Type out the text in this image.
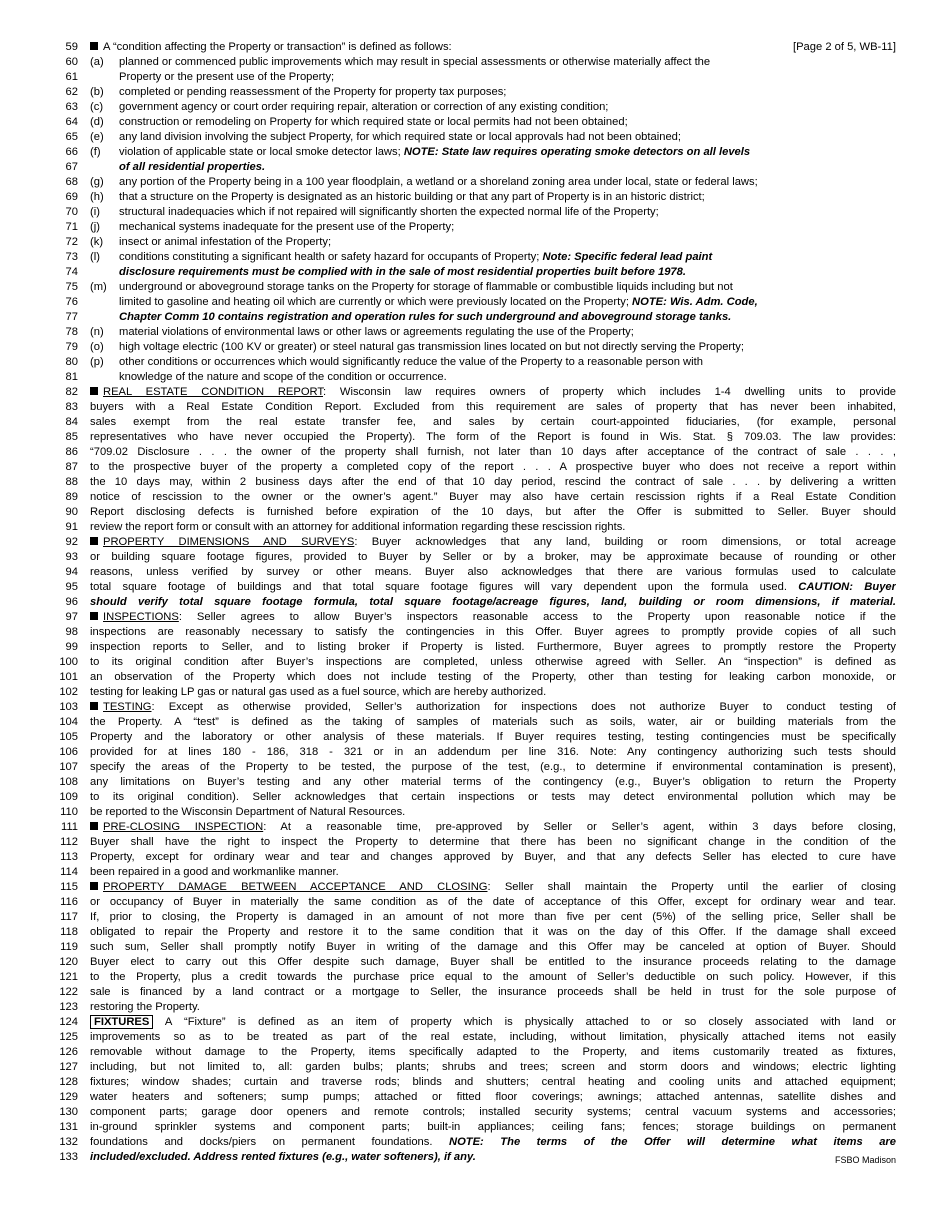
59	[Page 2 of 5, WB-11]
A “condition affecting the Property or transaction” is defined as follows:
60	(a) planned or commenced public improvements which may result in special assessments or otherwise materially affect the
61	Property or the present use of the Property;
62	(b) completed or pending reassessment of the Property for property tax purposes;
63	(c) government agency or court order requiring repair, alteration or correction of any existing condition;
64	(d) construction or remodeling on Property for which required state or local permits had not been obtained;
65	(e) any land division involving the subject Property, for which required state or local approvals had not been obtained;
66	(f) violation of applicable state or local smoke detector laws; NOTE: State law requires operating smoke detectors on all levels
67	of all residential properties.
68	(g) any portion of the Property being in a 100 year floodplain, a wetland or a shoreland zoning area under local, state or federal laws;
69	(h) that a structure on the Property is designated as an historic building or that any part of Property is in an historic district;
70	(i) structural inadequacies which if not repaired will significantly shorten the expected normal life of the Property;
71	(j) mechanical systems inadequate for the present use of the Property;
72	(k) insect or animal infestation of the Property;
73	(l) conditions constituting a significant health or safety hazard for occupants of Property; Note: Specific federal lead paint
74	disclosure requirements must be complied with in the sale of most residential properties built before 1978.
75	(m) underground or aboveground storage tanks on the Property for storage of flammable or combustible liquids including but not
76	limited to gasoline and heating oil which are currently or which were previously located on the Property; NOTE: Wis. Adm. Code,
77	Chapter Comm 10 contains registration and operation rules for such underground and aboveground storage tanks.
78	(n) material violations of environmental laws or other laws or agreements regulating the use of the Property;
79	(o) high voltage electric (100 KV or greater) or steel natural gas transmission lines located on but not directly serving the Property;
80	(p) other conditions or occurrences which would significantly reduce the value of the Property to a reasonable person with
81	knowledge of the nature and scope of the condition or occurrence.
82	REAL ESTATE CONDITION REPORT: Wisconsin law requires owners of property which includes 1-4 dwelling units to provide
83	buyers with a Real Estate Condition Report. Excluded from this requirement are sales of property that has never been inhabited,
84	sales exempt from the real estate transfer fee, and sales by certain court-appointed fiduciaries, (for example, personal
85	representatives who have never occupied the Property). The form of the Report is found in Wis. Stat. § 709.03. The law provides:
86	“709.02 Disclosure . . . the owner of the property shall furnish, not later than 10 days after acceptance of the contract of sale . . . ,
87	to the prospective buyer of the property a completed copy of the report . . . A prospective buyer who does not receive a report within
88	the 10 days may, within 2 business days after the end of that 10 day period, rescind the contract of sale . . . by delivering a written
89	notice of rescission to the owner or the owner’s agent.” Buyer may also have certain rescission rights if a Real Estate Condition
90	Report disclosing defects is furnished before expiration of the 10 days, but after the Offer is submitted to Seller. Buyer should
91	review the report form or consult with an attorney for additional information regarding these rescission rights.
92	PROPERTY DIMENSIONS AND SURVEYS: Buyer acknowledges that any land, building or room dimensions, or total acreage
93	or building square footage figures, provided to Buyer by Seller or by a broker, may be approximate because of rounding or other
94	reasons, unless verified by survey or other means. Buyer also acknowledges that there are various formulas used to calculate
95	total square footage of buildings and that total square footage figures will vary dependent upon the formula used. CAUTION: Buyer
96	should verify total square footage formula, total square footage/acreage figures, land, building or room dimensions, if material.
97	INSPECTIONS: Seller agrees to allow Buyer’s inspectors reasonable access to the Property upon reasonable notice if the
98	inspections are reasonably necessary to satisfy the contingencies in this Offer. Buyer agrees to promptly provide copies of all such
99	inspection reports to Seller, and to listing broker if Property is listed. Furthermore, Buyer agrees to promptly restore the Property
100	to its original condition after Buyer’s inspections are completed, unless otherwise agreed with Seller. An “inspection” is defined as
101	an observation of the Property which does not include testing of the Property, other than testing for leaking carbon monoxide, or
102	testing for leaking LP gas or natural gas used as a fuel source, which are hereby authorized.
103	TESTING: Except as otherwise provided, Seller’s authorization for inspections does not authorize Buyer to conduct testing of
104	the Property. A “test” is defined as the taking of samples of materials such as soils, water, air or building materials from the
105	Property and the laboratory or other analysis of these materials. If Buyer requires testing, testing contingencies must be specifically
106	provided for at lines 180 - 186, 318 - 321 or in an addendum per line 316. Note: Any contingency authorizing such tests should
107	specify the areas of the Property to be tested, the purpose of the test, (e.g., to determine if environmental contamination is present),
108	any limitations on Buyer’s testing and any other material terms of the contingency (e.g., Buyer’s obligation to return the Property
109	to its original condition). Seller acknowledges that certain inspections or tests may detect environmental pollution which may be
110	be reported to the Wisconsin Department of Natural Resources.
111	PRE-CLOSING INSPECTION: At a reasonable time, pre-approved by Seller or Seller’s agent, within 3 days before closing,
112	Buyer shall have the right to inspect the Property to determine that there has been no significant change in the condition of the
113	Property, except for ordinary wear and tear and changes approved by Buyer, and that any defects Seller has elected to cure have
114	been repaired in a good and workmanlike manner.
115	PROPERTY DAMAGE BETWEEN ACCEPTANCE AND CLOSING: Seller shall maintain the Property until the earlier of closing
116	or occupancy of Buyer in materially the same condition as of the date of acceptance of this Offer, except for ordinary wear and tear.
117	If, prior to closing, the Property is damaged in an amount of not more than five per cent (5%) of the selling price, Seller shall be
118	obligated to repair the Property and restore it to the same condition that it was on the day of this Offer. If the damage shall exceed
119	such sum, Seller shall promptly notify Buyer in writing of the damage and this Offer may be canceled at option of Buyer. Should
120	Buyer elect to carry out this Offer despite such damage, Buyer shall be entitled to the insurance proceeds relating to the damage
121	to the Property, plus a credit towards the purchase price equal to the amount of Seller’s deductible on such policy. However, if this
122	sale is financed by a land contract or a mortgage to Seller, the insurance proceeds shall be held in trust for the sole purpose of
123	restoring the Property.
124	FIXTURES A “Fixture” is defined as an item of property which is physically attached to or so closely associated with land or
125	improvements so as to be treated as part of the real estate, including, without limitation, physically attached items not easily
126	removable without damage to the Property, items specifically adapted to the Property, and items customarily treated as fixtures,
127	including, but not limited to, all: garden bulbs; plants; shrubs and trees; screen and storm doors and windows; electric lighting
128	fixtures; window shades; curtain and traverse rods; blinds and shutters; central heating and cooling units and attached equipment;
129	water heaters and softeners; sump pumps; attached or fitted floor coverings; awnings; attached antennas, satellite dishes and
130	component parts; garage door openers and remote controls; installed security systems; central vacuum systems and accessories;
131	in-ground sprinkler systems and component parts; built-in appliances; ceiling fans; fences; storage buildings on permanent
132	foundations and docks/piers on permanent foundations. NOTE: The terms of the Offer will determine what items are
133	included/excluded. Address rented fixtures (e.g., water softeners), if any.	FSBO Madison
